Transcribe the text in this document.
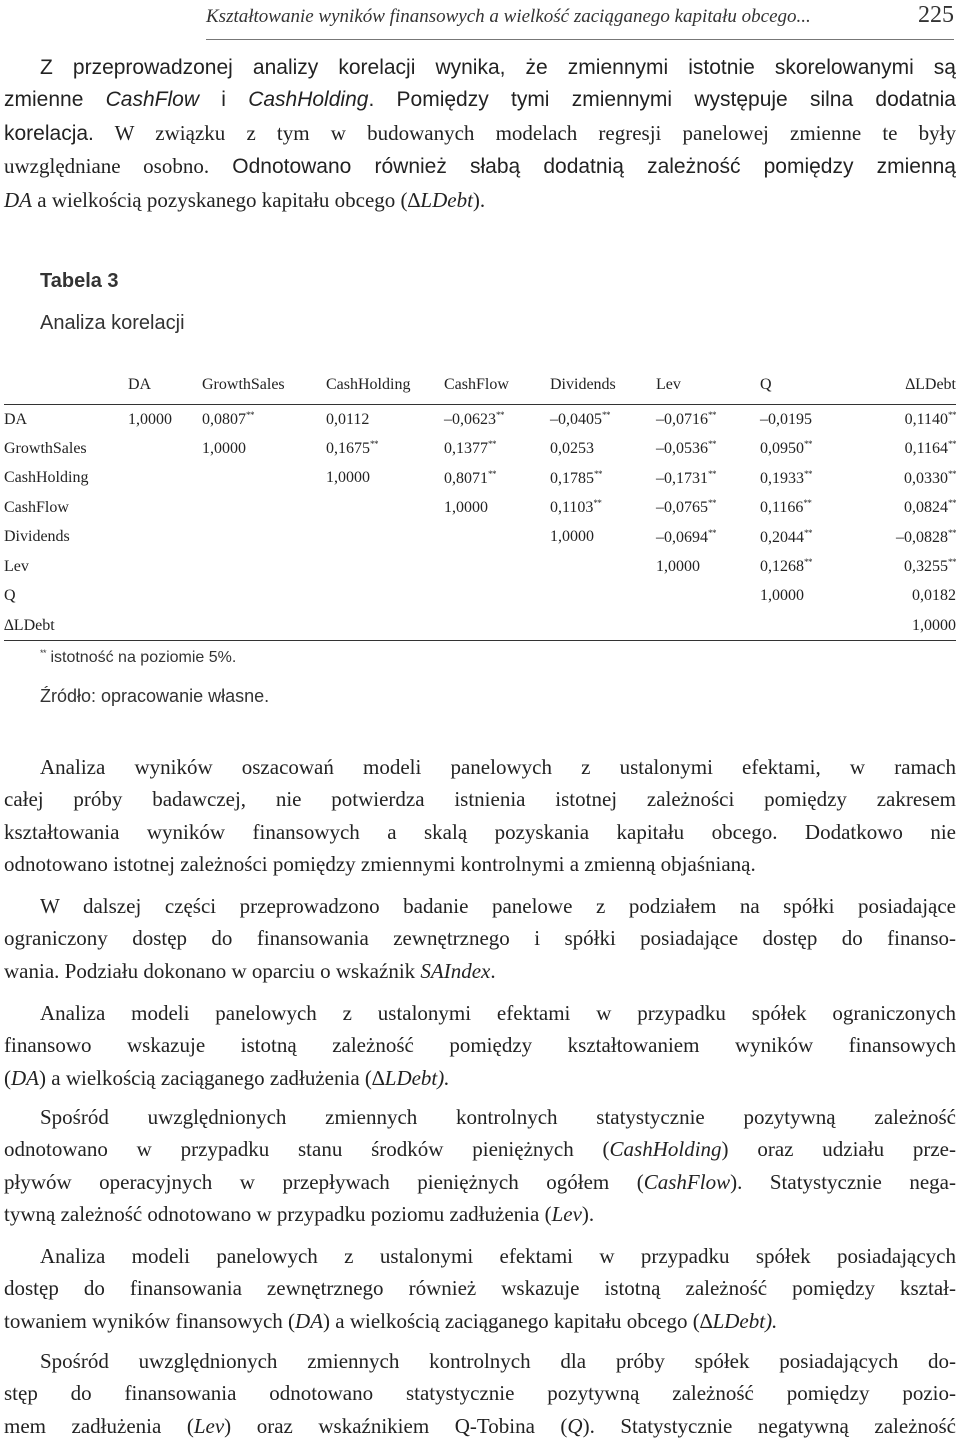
Kształtowanie wyników finansowych a wielkość zaciąganego kapitału obcego...	225
Z przeprowadzonej analizy korelacji wynika, że zmiennymi istotnie skorelowanymi są
zmienne CashFlow i CashHolding. Pomiędzy tymi zmiennymi występuje silna dodatnia
korelacja. W związku z tym w budowanych modelach regresji panelowej zmienne te były
uwzględniane osobno. Odnotowano również słabą dodatnią zależność pomiędzy zmienną
DA a wielkością pozyskanego kapitału obcego (∆LDebt).
Tabela 3
Analiza korelacji
	DA	GrowthSales	CashHolding	CashFlow	Dividends	Lev	Q	∆LDebt
DA	1,0000	0,0807**	0,0112	–0,0623**	–0,0405**	–0,0716**	–0,0195	0,1140**
GrowthSales		1,0000	0,1675**	0,1377**	0,0253	–0,0536**	0,0950**	0,1164**
CashHolding			1,0000	0,8071**	0,1785**	–0,1731**	0,1933**	0,0330**
CashFlow				1,0000	0,1103**	–0,0765**	0,1166**	0,0824**
Dividends					1,0000	–0,0694**	0,2044**	–0,0828**
Lev						1,0000	0,1268**	0,3255**
Q							1,0000	0,0182
∆LDebt								1,0000
** istotność na poziomie 5%.
Źródło: opracowanie własne.
Analiza wyników oszacowań modeli panelowych z ustalonymi efektami, w ramach
całej próby badawczej, nie potwierdza istnienia istotnej zależności pomiędzy zakresem
kształtowania wyników finansowych a skalą pozyskania kapitału obcego. Dodatkowo nie
odnotowano istotnej zależności pomiędzy zmiennymi kontrolnymi a zmienną objaśnianą.
W dalszej części przeprowadzono badanie panelowe z podziałem na spółki posiadające
ograniczony dostęp do finansowania zewnętrznego i spółki posiadające dostęp do finanso-
wania. Podziału dokonano w oparciu o wskaźnik SAIndex.
Analiza modeli panelowych z ustalonymi efektami w przypadku spółek ograniczonych
finansowo wskazuje istotną zależność pomiędzy kształtowaniem wyników finansowych
(DA) a wielkością zaciąganego zadłużenia (∆LDebt).
Spośród uwzględnionych zmiennych kontrolnych statystycznie pozytywną zależność
odnotowano w przypadku stanu środków pieniężnych (CashHolding) oraz udziału prze-
pływów operacyjnych w przepływach pieniężnych ogółem (CashFlow). Statystycznie nega-
tywną zależność odnotowano w przypadku poziomu zadłużenia (Lev).
Analiza modeli panelowych z ustalonymi efektami w przypadku spółek posiadających
dostęp do finansowania zewnętrznego również wskazuje istotną zależność pomiędzy kształ-
towaniem wyników finansowych (DA) a wielkością zaciąganego kapitału obcego (∆LDebt).
Spośród uwzględnionych zmiennych kontrolnych dla próby spółek posiadających do-
stęp do finansowania odnotowano statystycznie pozytywną zależność pomiędzy pozio-
mem zadłużenia (Lev) oraz wskaźnikiem Q-Tobina (Q). Statystycznie negatywną zależność
